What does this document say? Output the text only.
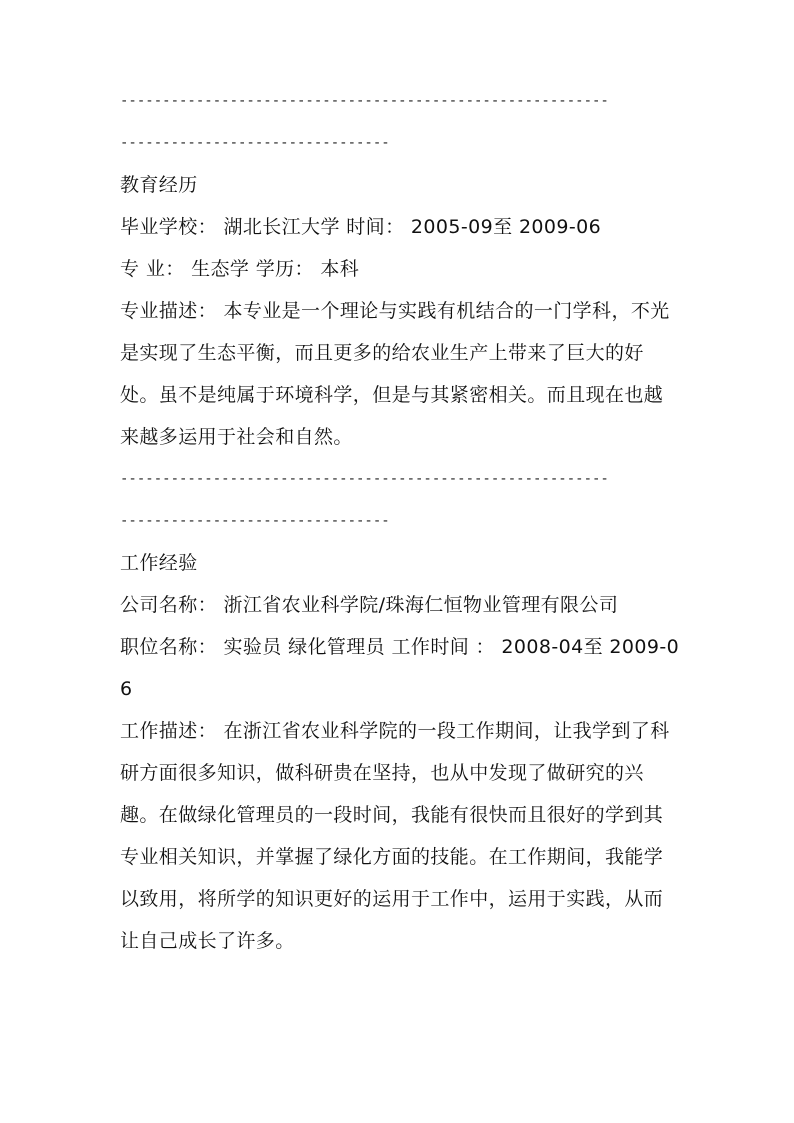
----------------------------------------------------------
--------------------------------
教育经历
毕业学校： 湖北长江大学 时间： 2005-09至 2009-06
专 业： 生态学 学历： 本科
专业描述： 本专业是一个理论与实践有机结合的一门学科，不光是实现了生态平衡，而且更多的给农业生产上带来了巨大的好处。虽不是纯属于环境科学，但是与其紧密相关。而且现在也越来越多运用于社会和自然。
----------------------------------------------------------
--------------------------------
工作经验
公司名称： 浙江省农业科学院/珠海仁恒物业管理有限公司
职位名称： 实验员 绿化管理员 工作时间 ： 2008-04至 2009-06
工作描述： 在浙江省农业科学院的一段工作期间，让我学到了科研方面很多知识，做科研贵在坚持，也从中发现了做研究的兴趣。在做绿化管理员的一段时间，我能有很快而且很好的学到其专业相关知识，并掌握了绿化方面的技能。在工作期间，我能学以致用，将所学的知识更好的运用于工作中，运用于实践，从而让自己成长了许多。
